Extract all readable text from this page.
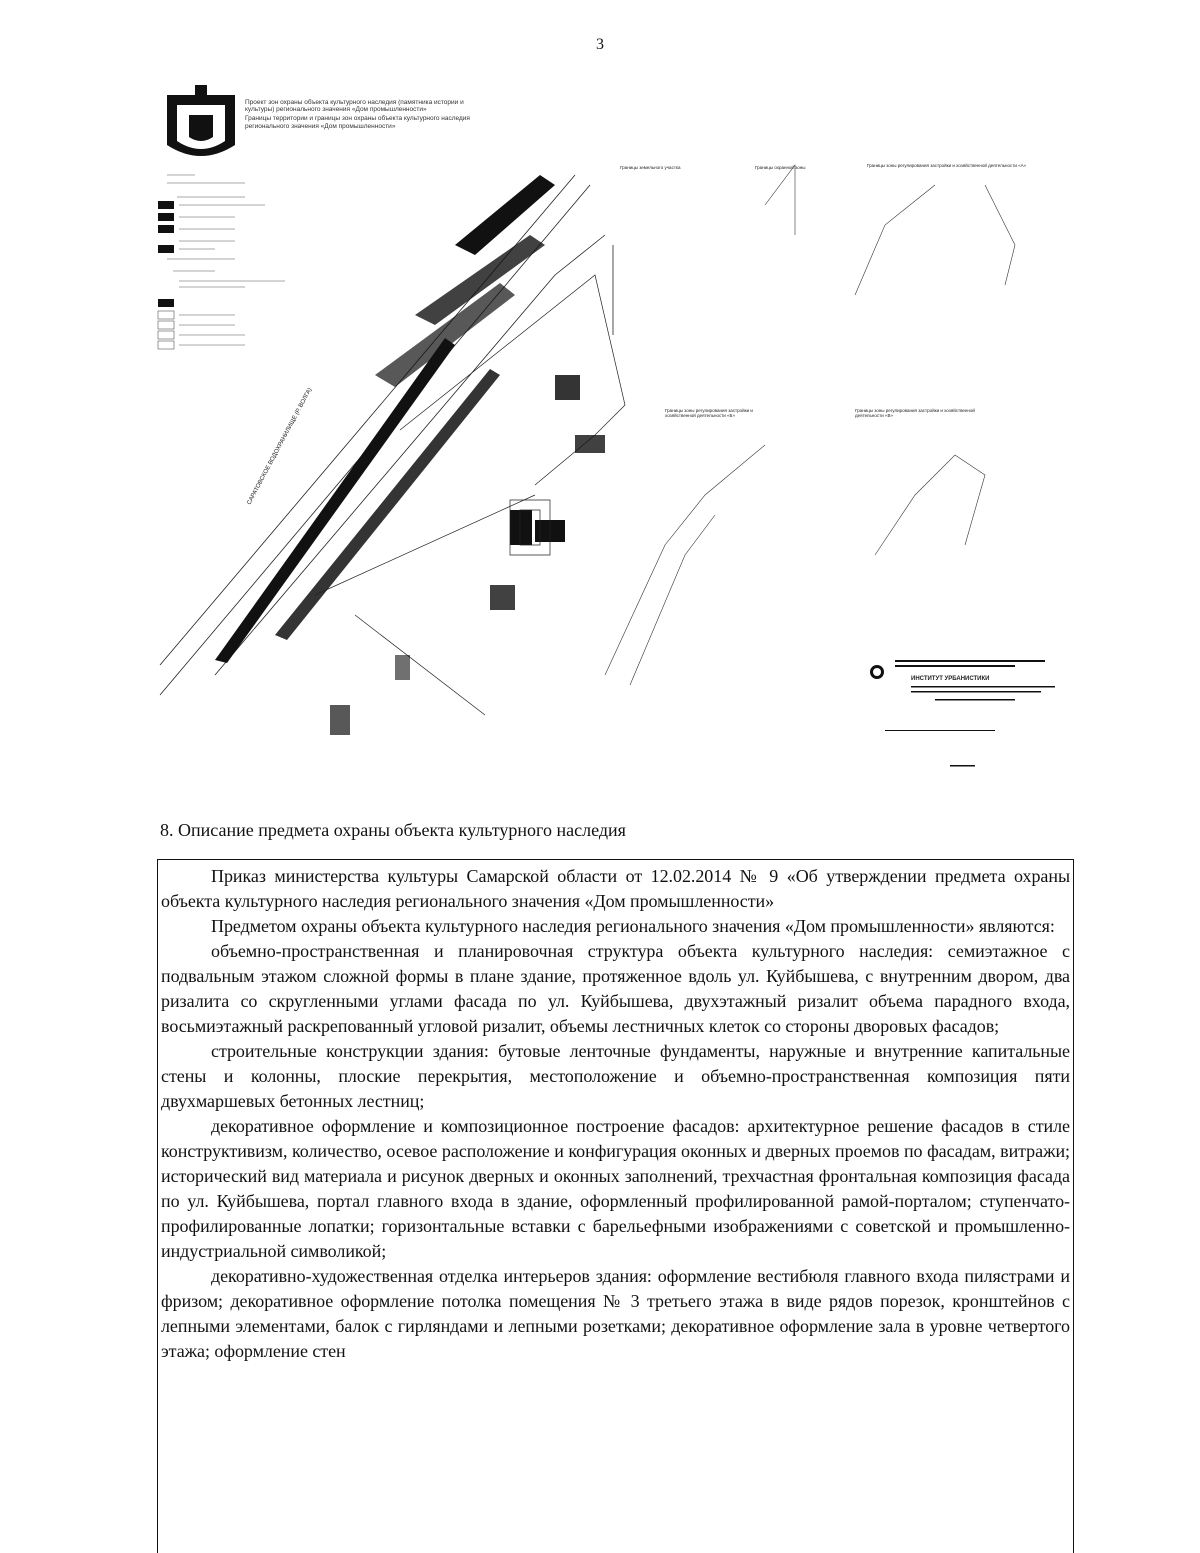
3
САРАТОВСКОЕ ВОДОХРАНИЛИЩЕ (Р. ВОЛГА)
Проект зон охраны объекта культурного наследия (памятника истории и культуры) регионального значения «Дом промышленности»
Границы территории и границы зон охраны объекта культурного наследия регионального значения «Дом промышленности»
Границы земельного участка	Границы охранной зоны	Границы зоны регулирования застройки и хозяйственной деятельности «А»
Границы зоны регулирования застройки и хозяйственной деятельности «Б»
Границы зоны регулирования застройки и хозяйственной деятельности «В»
ИНСТИТУТ УРБАНИСТИКИ
8. Описание предмета охраны объекта культурного наследия

Приказ министерства культуры Самарской области от 12.02.2014 № 9 «Об утверждении предмета охраны объекта культурного наследия регионального значения «Дом промышленности»

Предметом охраны объекта культурного наследия регионального значения «Дом промышленности» являются:

объемно-пространственная и планировочная структура объекта культурного наследия: семиэтажное с подвальным этажом сложной формы в плане здание, протяженное вдоль ул. Куйбышева, с внутренним двором, два ризалита со скругленными углами фасада по ул. Куйбышева, двухэтажный ризалит объема парадного входа, восьмиэтажный раскрепованный угловой ризалит, объемы лестничных клеток со стороны дворовых фасадов;

строительные конструкции здания: бутовые ленточные фундаменты, наружные и внутренние капитальные стены и колонны, плоские перекрытия, местоположение и объемно-пространственная композиция пяти двухмаршевых бетонных лестниц;

декоративное оформление и композиционное построение фасадов: архитектурное решение фасадов в стиле конструктивизм, количество, осевое расположение и конфигурация оконных и дверных проемов по фасадам, витражи; исторический вид материала и рисунок дверных и оконных заполнений, трехчастная фронтальная композиция фасада по ул. Куйбышева, портал главного входа в здание, оформленный профилированной рамой-порталом; ступенчато-профилированные лопатки; горизонтальные вставки с барельефными изображениями с советской и промышленно-индустриальной символикой;

декоративно-художественная отделка интерьеров здания: оформление вестибюля главного входа пилястрами и фризом; декоративное оформление потолка помещения № 3 третьего этажа в виде рядов порезок, кронштейнов с лепными элементами, балок с гирляндами и лепными розетками; декоративное оформление зала в уровне четвертого этажа; оформление стен
